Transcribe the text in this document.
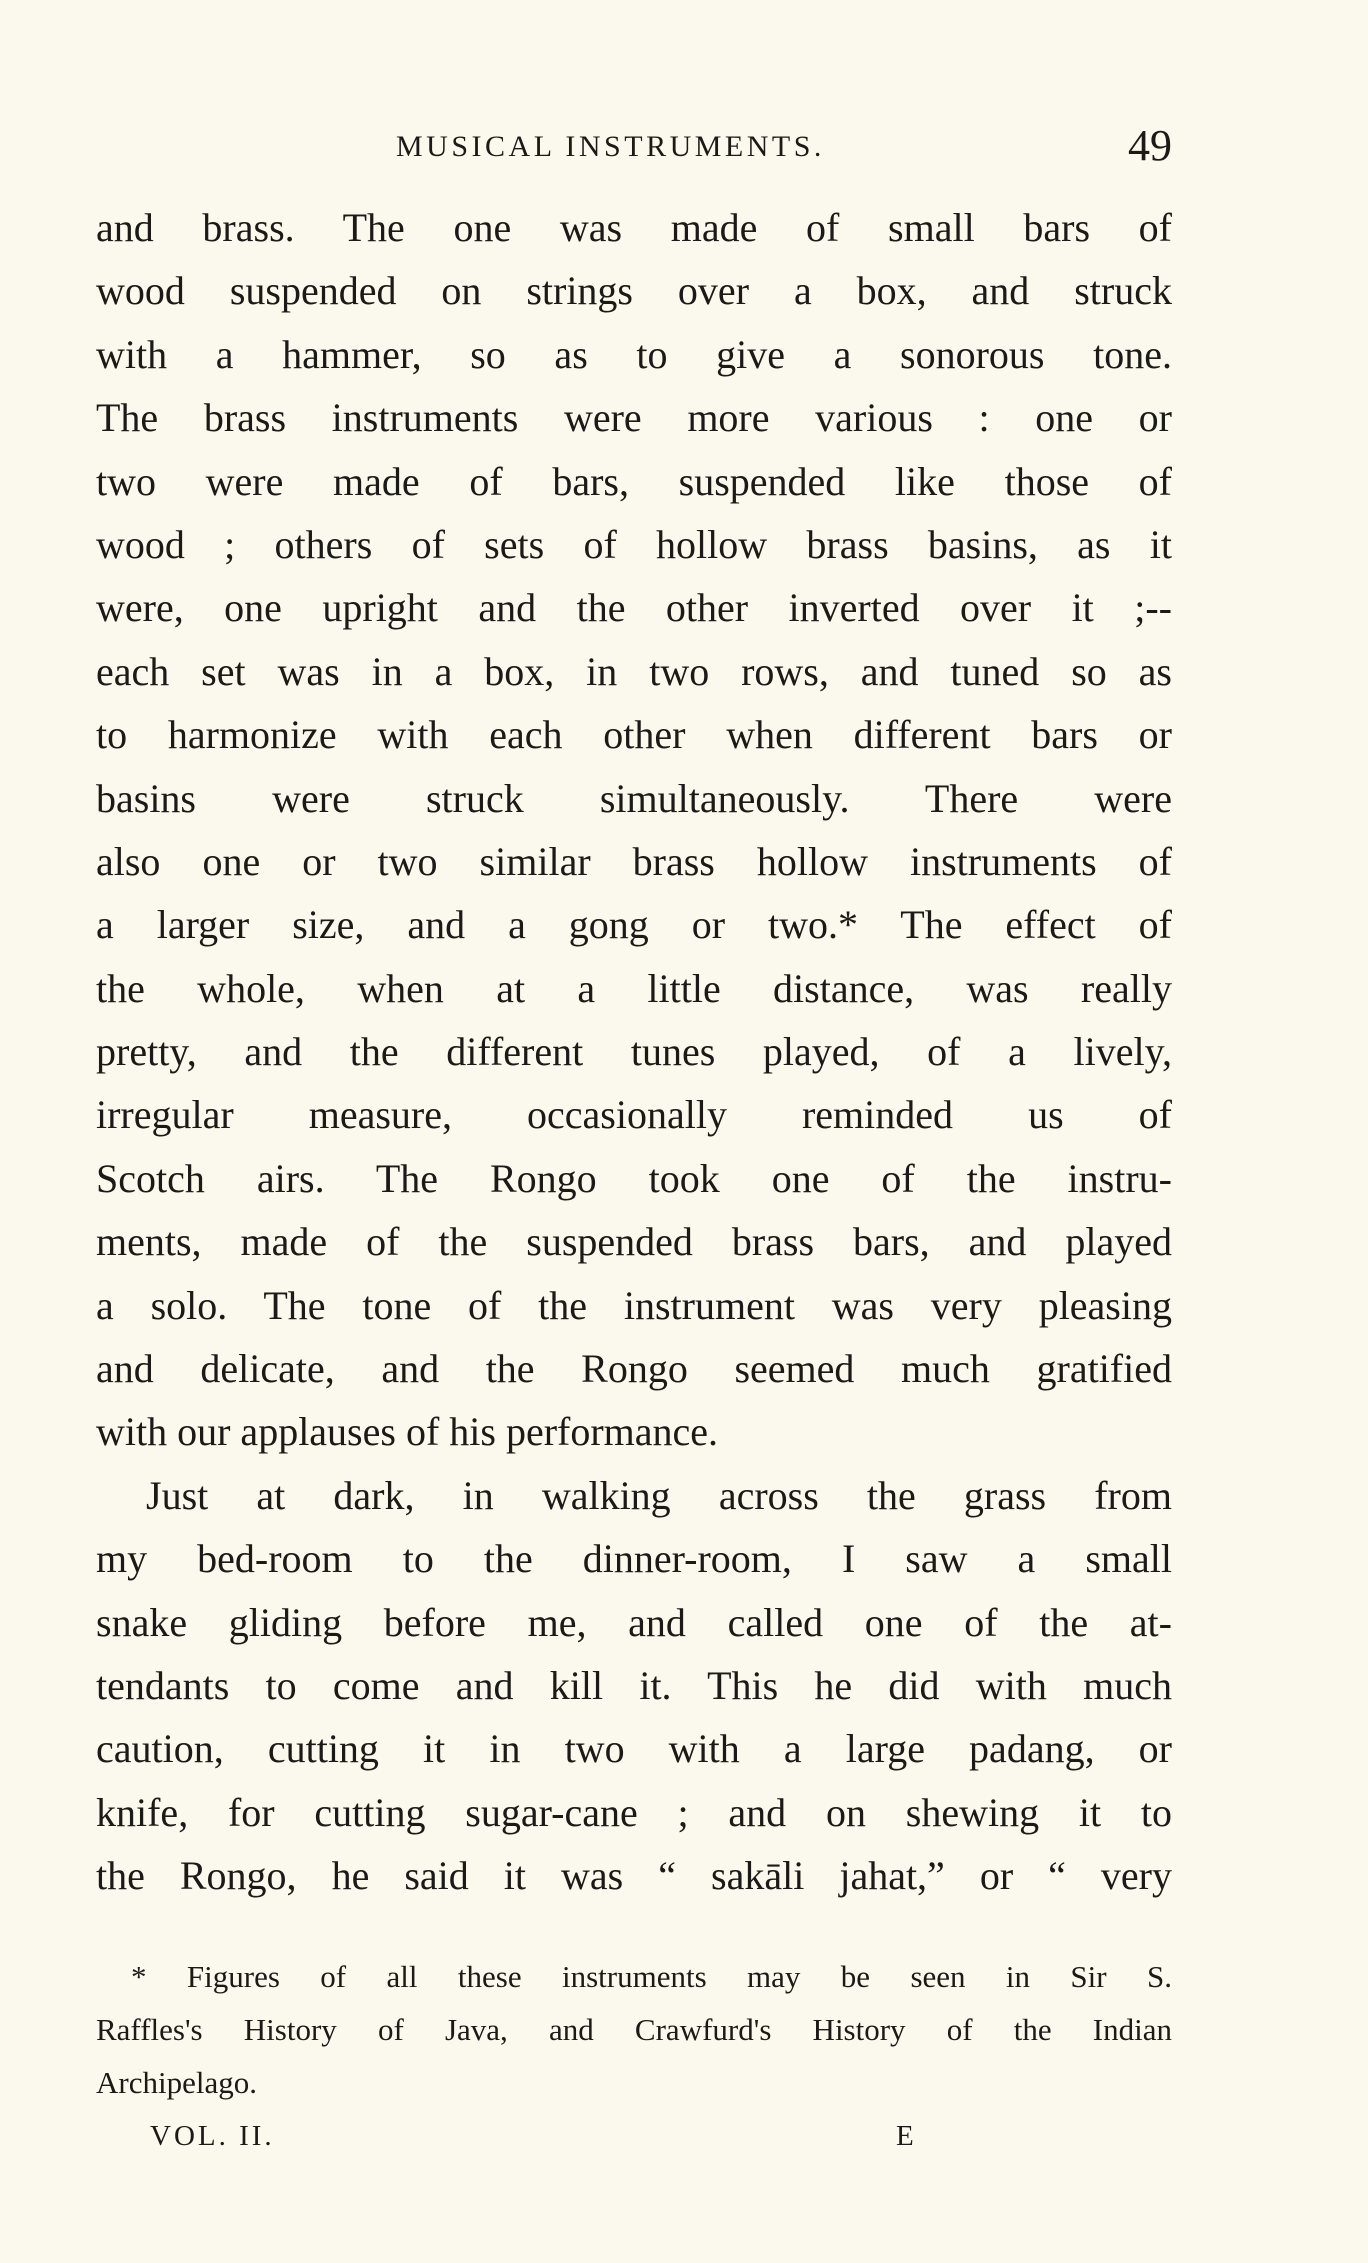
MUSICAL INSTRUMENTS.	49
and brass. The one was made of small bars of
wood suspended on strings over a box, and struck
with a hammer, so as to give a sonorous tone.
The brass instruments were more various : one or
two were made of bars, suspended like those of
wood ; others of sets of hollow brass basins, as it
were, one upright and the other inverted over it ;--
each set was in a box, in two rows, and tuned so as
to harmonize with each other when different bars or
basins were struck simultaneously. There were
also one or two similar brass hollow instruments of
a larger size, and a gong or two.* The effect of
the whole, when at a little distance, was really
pretty, and the different tunes played, of a lively,
irregular measure, occasionally reminded us of
Scotch airs. The Rongo took one of the instru-
ments, made of the suspended brass bars, and played
a solo. The tone of the instrument was very pleasing
and delicate, and the Rongo seemed much gratified
with our applauses of his performance.
Just at dark, in walking across the grass from
my bed-room to the dinner-room, I saw a small
snake gliding before me, and called one of the at-
tendants to come and kill it. This he did with much
caution, cutting it in two with a large padang, or
knife, for cutting sugar-cane ; and on shewing it to
the Rongo, he said it was “ sakāli jahat,” or “ very
* Figures of all these instruments may be seen in Sir S.
Raffles's History of Java, and Crawfurd's History of the Indian
Archipelago.
VOL. II.	E
